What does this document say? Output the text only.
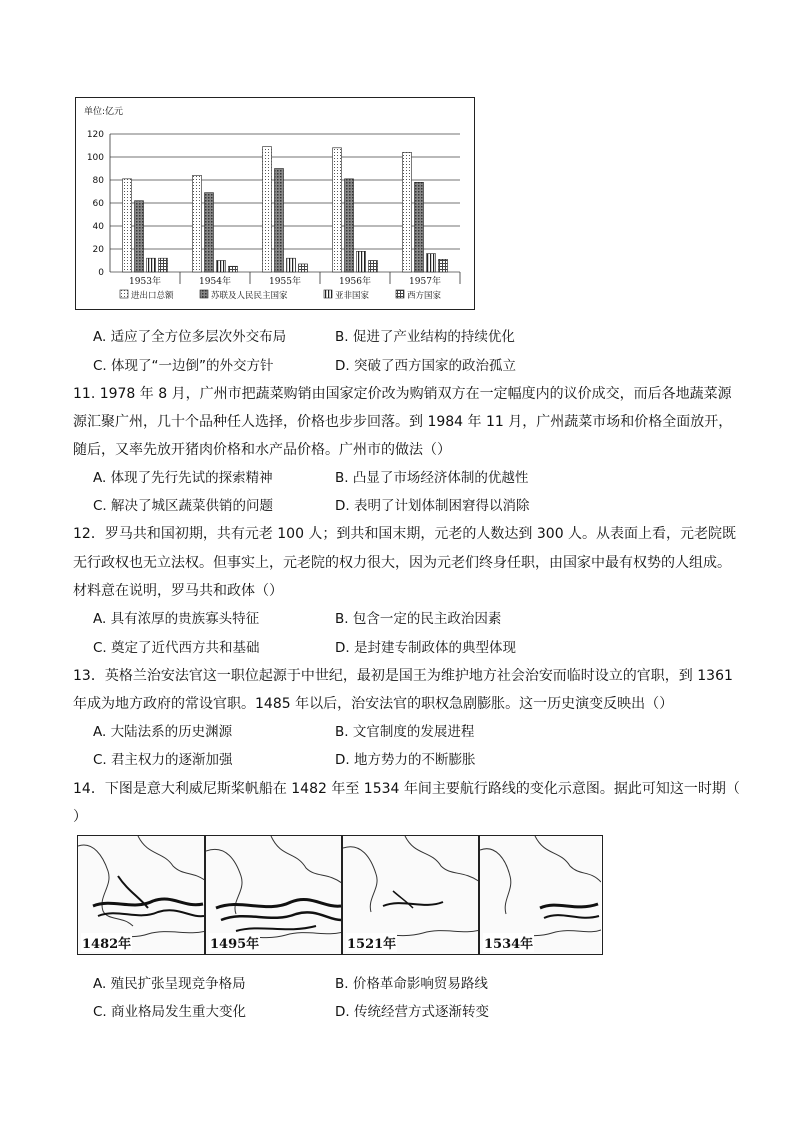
单位:亿元
0
20
40
60
80
100
120
1953年	1954年	1955年	1956年	1957年
进出口总额	苏联及人民民主国家	亚非国家	西方国家
A. 适应了全方位多层次外交布局	B. 促进了产业结构的持续优化
C. 体现了“一边倒”的外交方针	D. 突破了西方国家的政治孤立
11. 1978 年 8 月，广州市把蔬菜购销由国家定价改为购销双方在一定幅度内的议价成交，而后各地蔬菜源
源汇聚广州，几十个品种任人选择，价格也步步回落。到 1984 年 11 月，广州蔬菜市场和价格全面放开，
随后，又率先放开猪肉价格和水产品价格。广州市的做法（）
A. 体现了先行先试的探索精神	B. 凸显了市场经济体制的优越性
C. 解决了城区蔬菜供销的问题	D. 表明了计划体制困窘得以消除
12．罗马共和国初期，共有元老 100 人；到共和国末期，元老的人数达到 300 人。从表面上看，元老院既
无行政权也无立法权。但事实上，元老院的权力很大，因为元老们终身任职，由国家中最有权势的人组成。
材料意在说明，罗马共和政体（）
A. 具有浓厚的贵族寡头特征	B. 包含一定的民主政治因素
C. 奠定了近代西方共和基础	D. 是封建专制政体的典型体现
13．英格兰治安法官这一职位起源于中世纪，最初是国王为维护地方社会治安而临时设立的官职，到 1361
年成为地方政府的常设官职。1485 年以后，治安法官的职权急剧膨胀。这一历史演变反映出（）
A. 大陆法系的历史渊源	B. 文官制度的发展进程
C. 君主权力的逐渐加强	D. 地方势力的不断膨胀
14．下图是意大利威尼斯桨帆船在 1482 年至 1534 年间主要航行路线的变化示意图。据此可知这一时期（
）
1482年	1495年	1521年	1534年
A. 殖民扩张呈现竞争格局	B. 价格革命影响贸易路线
C. 商业格局发生重大变化	D. 传统经营方式逐渐转变
